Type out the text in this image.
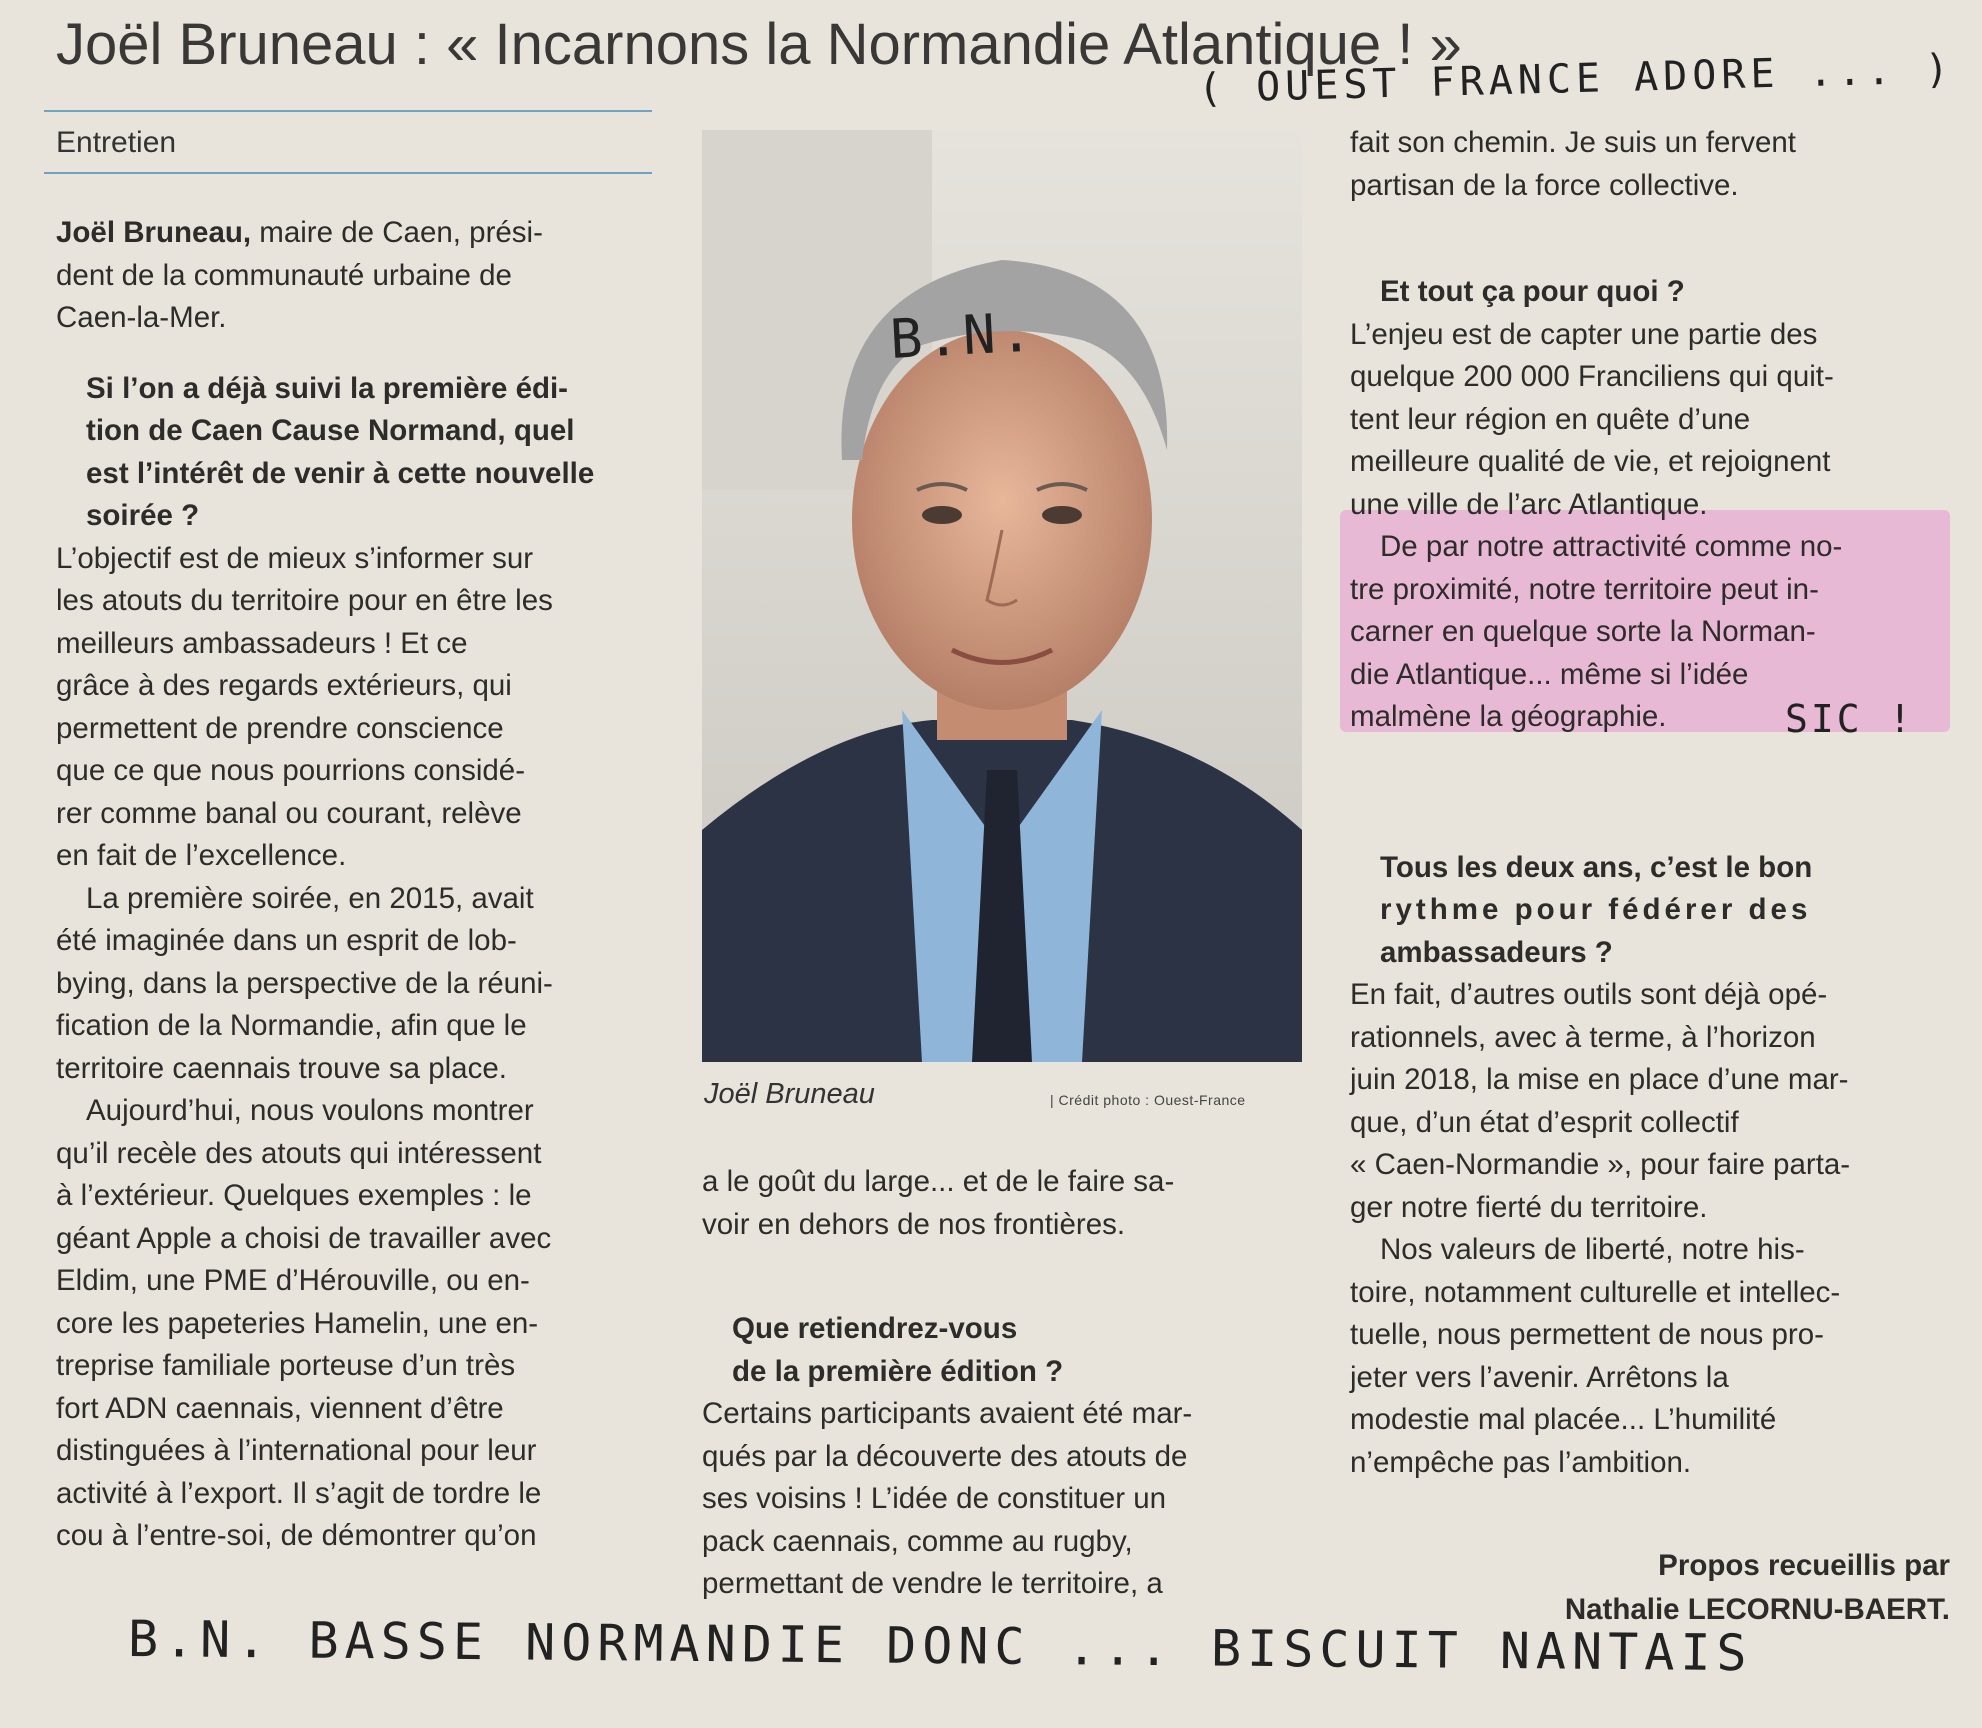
Joël Bruneau : « Incarnons la Normandie Atlantique ! »
( OUEST FRANCE ADORE ... )
Entretien

Joël Bruneau, maire de Caen, prési-

dent de la communauté urbaine de

Caen-la-Mer.

Si l’on a déjà suivi la première édi-

tion de Caen Cause Normand, quel

est l’intérêt de venir à cette nouvelle

soirée ?

L’objectif est de mieux s’informer sur

les atouts du territoire pour en être les

meilleurs ambassadeurs ! Et ce

grâce à des regards extérieurs, qui

permettent de prendre conscience

que ce que nous pourrions considé-

rer comme banal ou courant, relève

en fait de l’excellence.

La première soirée, en 2015, avait

été imaginée dans un esprit de lob-

bying, dans la perspective de la réuni-

fication de la Normandie, afin que le

territoire caennais trouve sa place.

Aujourd’hui, nous voulons montrer

qu’il recèle des atouts qui intéressent

à l’extérieur. Quelques exemples : le

géant Apple a choisi de travailler avec

Eldim, une PME d’Hérouville, ou en-

core les papeteries Hamelin, une en-

treprise familiale porteuse d’un très

fort ADN caennais, viennent d’être

distinguées à l’international pour leur

activité à l’export. Il s’agit de tordre le

cou à l’entre-soi, de démontrer qu’on

B.N.
Joël Bruneau	| Crédit photo : Ouest-France

a le goût du large... et de le faire sa-

voir en dehors de nos frontières.

Que retiendrez-vous

de la première édition ?

Certains participants avaient été mar-

qués par la découverte des atouts de

ses voisins ! L’idée de constituer un

pack caennais, comme au rugby,

permettant de vendre le territoire, a

fait son chemin. Je suis un fervent

partisan de la force collective.

Et tout ça pour quoi ?

L’enjeu est de capter une partie des

quelque 200 000 Franciliens qui quit-

tent leur région en quête d’une

meilleure qualité de vie, et rejoignent

une ville de l’arc Atlantique.

De par notre attractivité comme no-

tre proximité, notre territoire peut in-

carner en quelque sorte la Norman-

die Atlantique... même si l’idée

malmène la géographie.

Tous les deux ans, c’est le bon

rythme pour fédérer des

ambassadeurs ?

En fait, d’autres outils sont déjà opé-

rationnels, avec à terme, à l’horizon

juin 2018, la mise en place d’une mar-

que, d’un état d’esprit collectif

« Caen-Normandie », pour faire parta-

ger notre fierté du territoire.

Nos valeurs de liberté, notre his-

toire, notamment culturelle et intellec-

tuelle, nous permettent de nous pro-

jeter vers l’avenir. Arrêtons la

modestie mal placée... L’humilité

n’empêche pas l’ambition.

Propos recueillis par

Nathalie LECORNU-BAERT.

SIC !
B.N. BASSE NORMANDIE DONC ... BISCUIT NANTAIS
